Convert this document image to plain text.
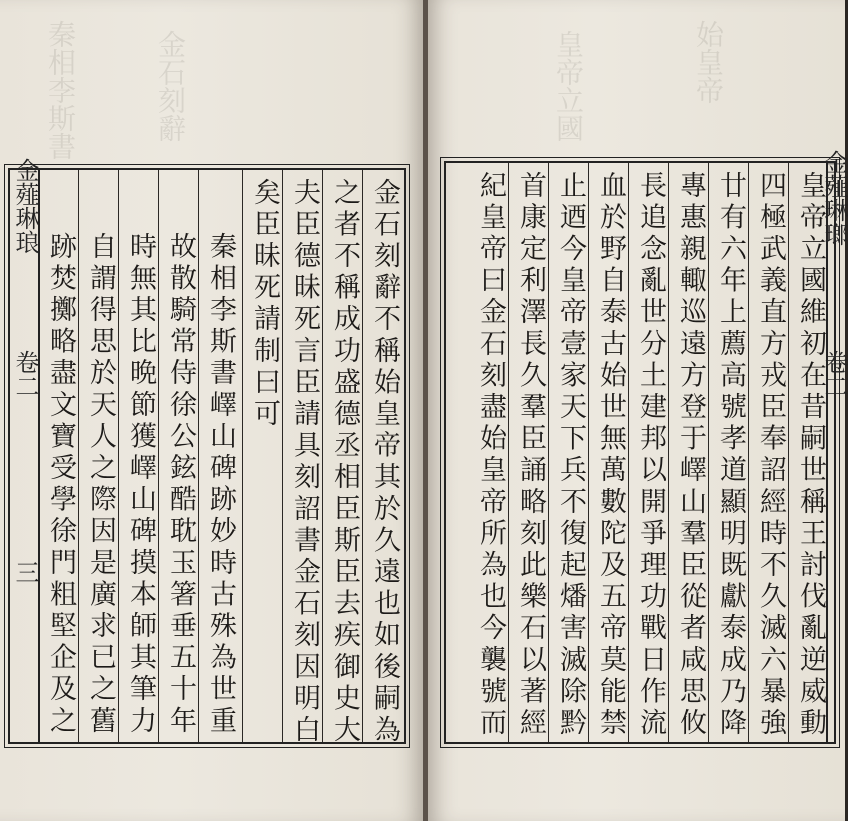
秦相李斯書	金石刻辭
金薤琳琅
卷二
三	金石刻辭不稱始皇帝其於久遠也如後嗣為
之者不稱成功盛德丞相臣斯臣去疾御史大
夫臣德昧死言臣請具刻詔書金石刻因明白
矣臣昧死請制曰可
秦相李斯書嶧山碑跡妙時古殊為世重
故散騎常侍徐公鉉酷耽玉箸垂五十年
時無其比晩節獲嶧山碑摸本師其筆力
自謂得思於天人之際因是廣求已之舊
跡焚擲略盡文寶受學徐門粗堅企及之
皇帝立國	始皇帝
皇帝立國維初在昔嗣世稱王討伐亂逆威動
四極武義直方戎臣奉詔經時不久滅六暴強
廿有六年上薦高號孝道顯明既獻泰成乃降
專惠親輙巡遠方登于嶧山羣臣從者咸思攸
長追念亂世分土建邦以開爭理功戰日作流
血於野自泰古始世無萬數陀及五帝莫能禁
止迺今皇帝壹家天下兵不復起燔害滅除黔
首康定利澤長久羣臣誦略刻此樂石以著經
紀皇帝曰金石刻盡始皇帝所為也今襲號而	金薤琳瑯
卷二
